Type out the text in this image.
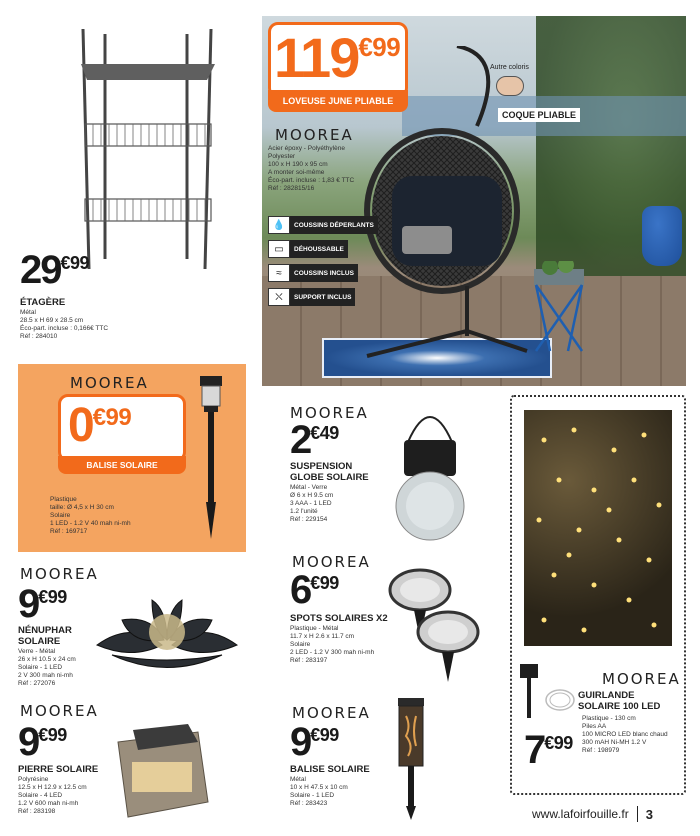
29€99
ÉTAGÈRE
Métal
28.5 x H 69 x 28.5 cm
Éco-part. incluse : 0,166€ TTC
Réf : 284010
119€99
LOVEUSE JUNE PLIABLE
MOOREA
Acier époxy - Polyéthylène
Polyester
100 x H 190 x 95 cm
A monter soi-même
Éco-part. incluse : 1,83 € TTC
Réf : 282815/16
💧	COUSSINS DÉPERLANTS
▭	DÉHOUSSABLE
≈	COUSSINS INCLUS
⛌	SUPPORT INCLUS
Autre coloris
COQUE PLIABLE
MOOREA
0€99
BALISE SOLAIRE
Plastique
taille: Ø 4,5 x H 30 cm
Solaire
1 LED - 1.2 V 40 mah ni-mh
Réf : 169717
MOOREA
2€49
SUSPENSION GLOBE SOLAIRE
Métal - Verre
Ø 6 x H 9.5 cm
3 AAA - 1 LED
1.2 l'unité
Réf : 229154
MOOREA
GUIRLANDE SOLAIRE 100 LED
Plastique - 130 cm
Piles AA
100 MICRO LED blanc chaud
300 mAH Ni-MH 1.2 V
Réf : 198979
7€99
MOOREA
9€99
NÉNUPHAR SOLAIRE
Verre - Métal
26 x H 10.5 x 24 cm
Solaire - 1 LED
2 V 300 mah ni-mh
Réf : 272076
MOOREA
6€99
SPOTS SOLAIRES X2
Plastique - Métal
11.7 x H 2.6 x 11.7 cm
Solaire
2 LED - 1.2 V 300 mah ni-mh
Réf : 283197
MOOREA
9€99
PIERRE SOLAIRE
Polyrésine
12.5 x H 12.9 x 12.5 cm
Solaire - 4 LED
1.2 V 600 mah ni-mh
Réf : 283198
MOOREA
9€99
BALISE SOLAIRE
Métal
10 x H 47.5 x 10 cm
Solaire - 1 LED
Réf : 283423
www.lafoirfouille.fr 3
